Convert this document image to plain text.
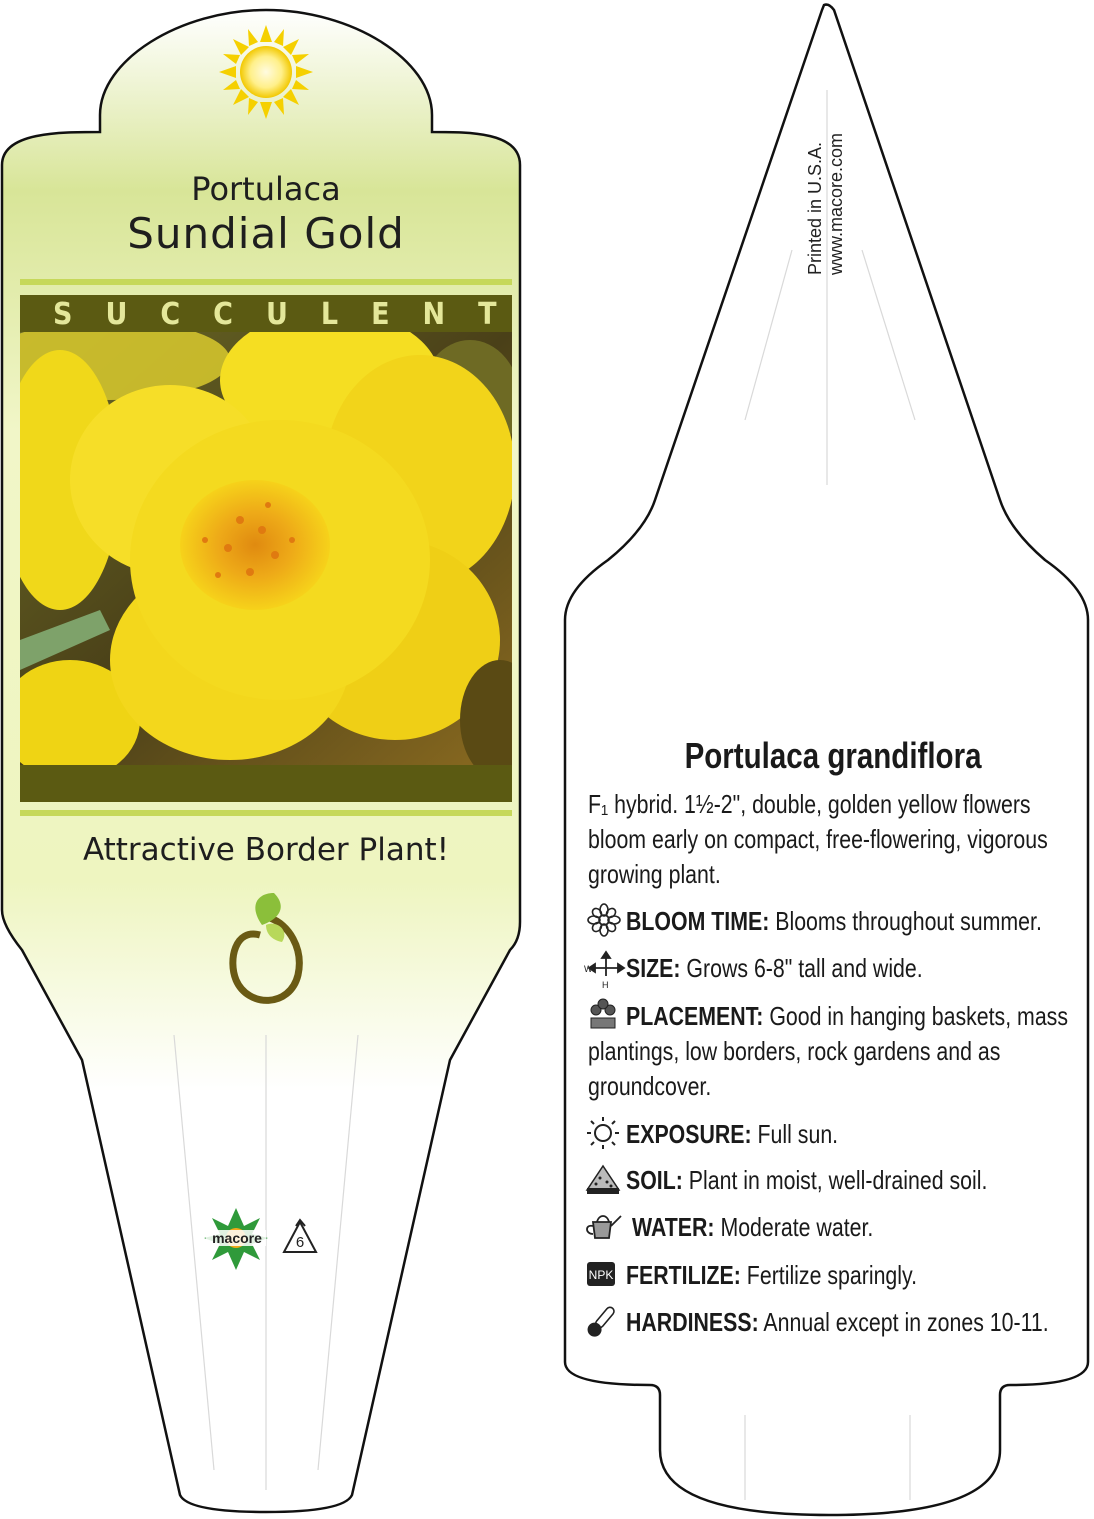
W
H
NPK
Portulaca
Sundial Gold
SUCCULENT
Attractive Border Plant!
macore	6
Printed in U.S.A. www.macore.com
Portulaca grandiflora
F₁ hybrid. 1½-2", double, golden yellow flowers
bloom early on compact, free-flowering, vigorous
growing plant.
BLOOM TIME: Blooms throughout summer.
SIZE: Grows 6-8" tall and wide.
PLACEMENT: Good in hanging baskets, mass
plantings, low borders, rock gardens and as
groundcover.
EXPOSURE: Full sun.
SOIL: Plant in moist, well-drained soil.
WATER: Moderate water.
FERTILIZE: Fertilize sparingly.
HARDINESS: Annual except in zones 10-11.
